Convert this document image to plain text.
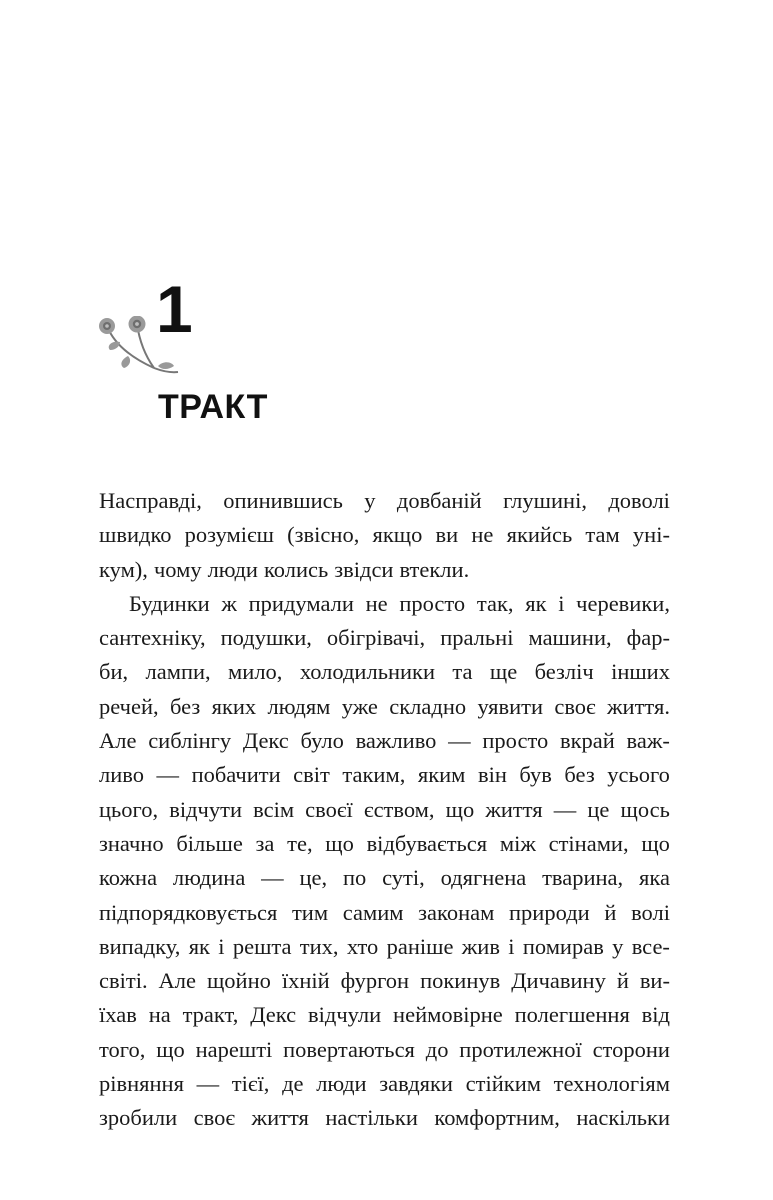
1
ТРАКТ
Насправді, опинившись у довбаній глушині, доволі
швидко розумієш (звісно, якщо ви не якийсь там уні-
кум), чому люди колись звідси втекли.
Будинки ж придумали не просто так, як і черевики,
сантехніку, подушки, обігрівачі, пральні машини, фар-
би, лампи, мило, холодильники та ще безліч інших
речей, без яких людям уже складно уявити своє життя.
Але сиблінгу Декс було важливо — просто вкрай важ-
ливо — побачити світ таким, яким він був без усього
цього, відчути всім своєї єством, що життя — це щось
значно більше за те, що відбувається між стінами, що
кожна людина — це, по суті, одягнена тварина, яка
підпорядковується тим самим законам природи й волі
випадку, як і решта тих, хто раніше жив і помирав у все-
світі. Але щойно їхній фургон покинув Дичавину й ви-
їхав на тракт, Декс відчули неймовірне полегшення від
того, що нарешті повертаються до протилежної сторони
рівняння — тієї, де люди завдяки стійким технологіям
зробили своє життя настільки комфортним, наскільки
